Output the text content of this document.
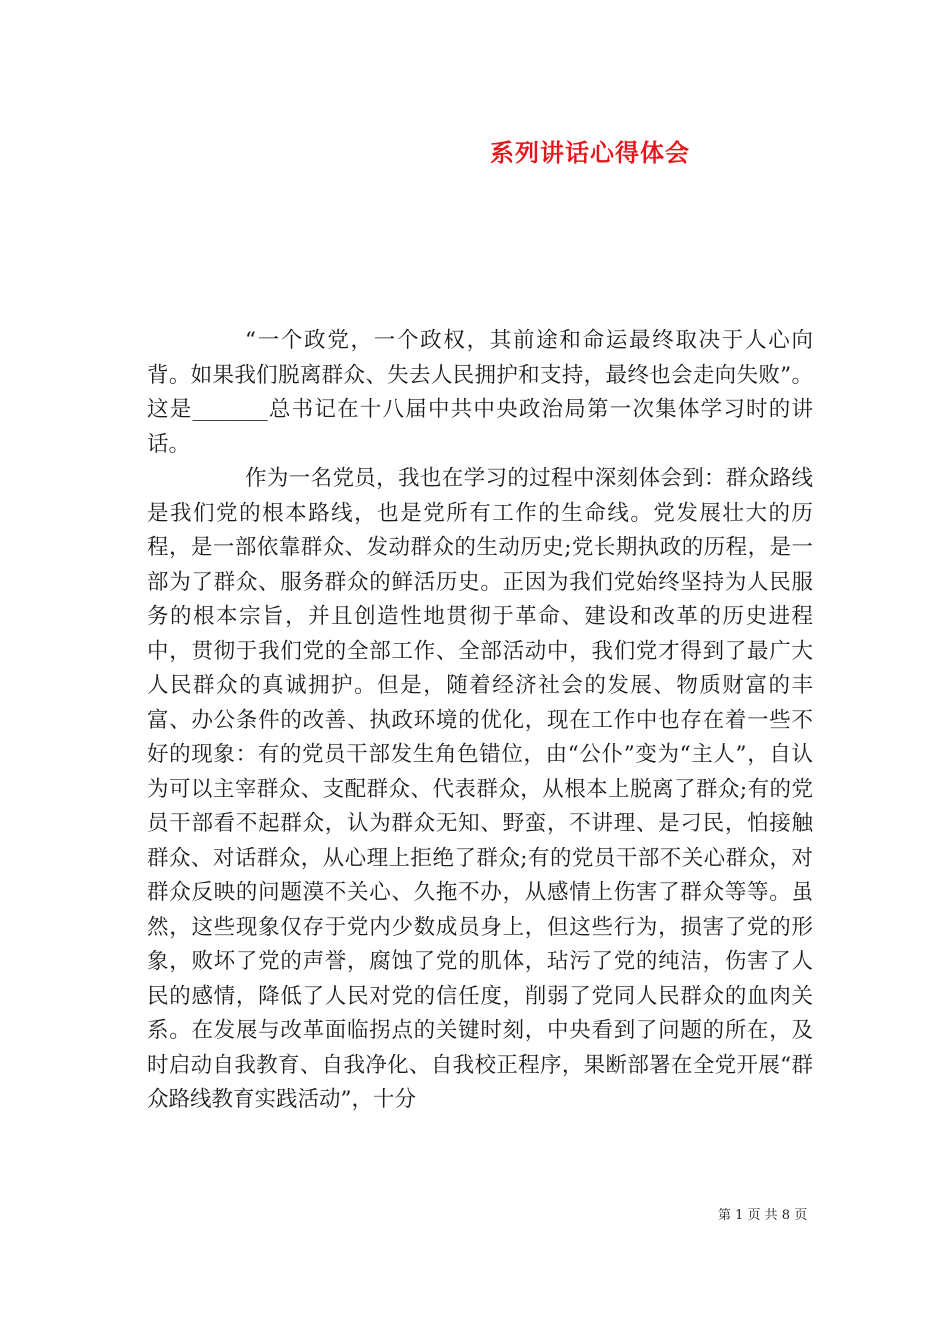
系列讲话心得体会

“一个政党，一个政权，其前途和命运最终取决于人心向背。如果我们脱离群众、失去人民拥护和支持，最终也会走向失败”。这是_______总书记在十八届中共中央政治局第一次集体学习时的讲话。

作为一名党员，我也在学习的过程中深刻体会到：群众路线是我们党的根本路线，也是党所有工作的生命线。党发展壮大的历程，是一部依靠群众、发动群众的生动历史;党长期执政的历程，是一部为了群众、服务群众的鲜活历史。正因为我们党始终坚持为人民服务的根本宗旨，并且创造性地贯彻于革命、建设和改革的历史进程中，贯彻于我们党的全部工作、全部活动中，我们党才得到了最广大人民群众的真诚拥护。但是，随着经济社会的发展、物质财富的丰富、办公条件的改善、执政环境的优化，现在工作中也存在着一些不好的现象：有的党员干部发生角色错位，由“公仆”变为“主人”，自认为可以主宰群众、支配群众、代表群众，从根本上脱离了群众;有的党员干部看不起群众，认为群众无知、野蛮，不讲理、是刁民，怕接触群众、对话群众，从心理上拒绝了群众;有的党员干部不关心群众，对群众反映的问题漠不关心、久拖不办，从感情上伤害了群众等等。虽然，这些现象仅存于党内少数成员身上，但这些行为，损害了党的形象，败坏了党的声誉，腐蚀了党的肌体，玷污了党的纯洁，伤害了人民的感情，降低了人民对党的信任度，削弱了党同人民群众的血肉关系。在发展与改革面临拐点的关键时刻，中央看到了问题的所在，及时启动自我教育、自我净化、自我校正程序，果断部署在全党开展“群众路线教育实践活动”，十分

第 1 页 共 8 页
